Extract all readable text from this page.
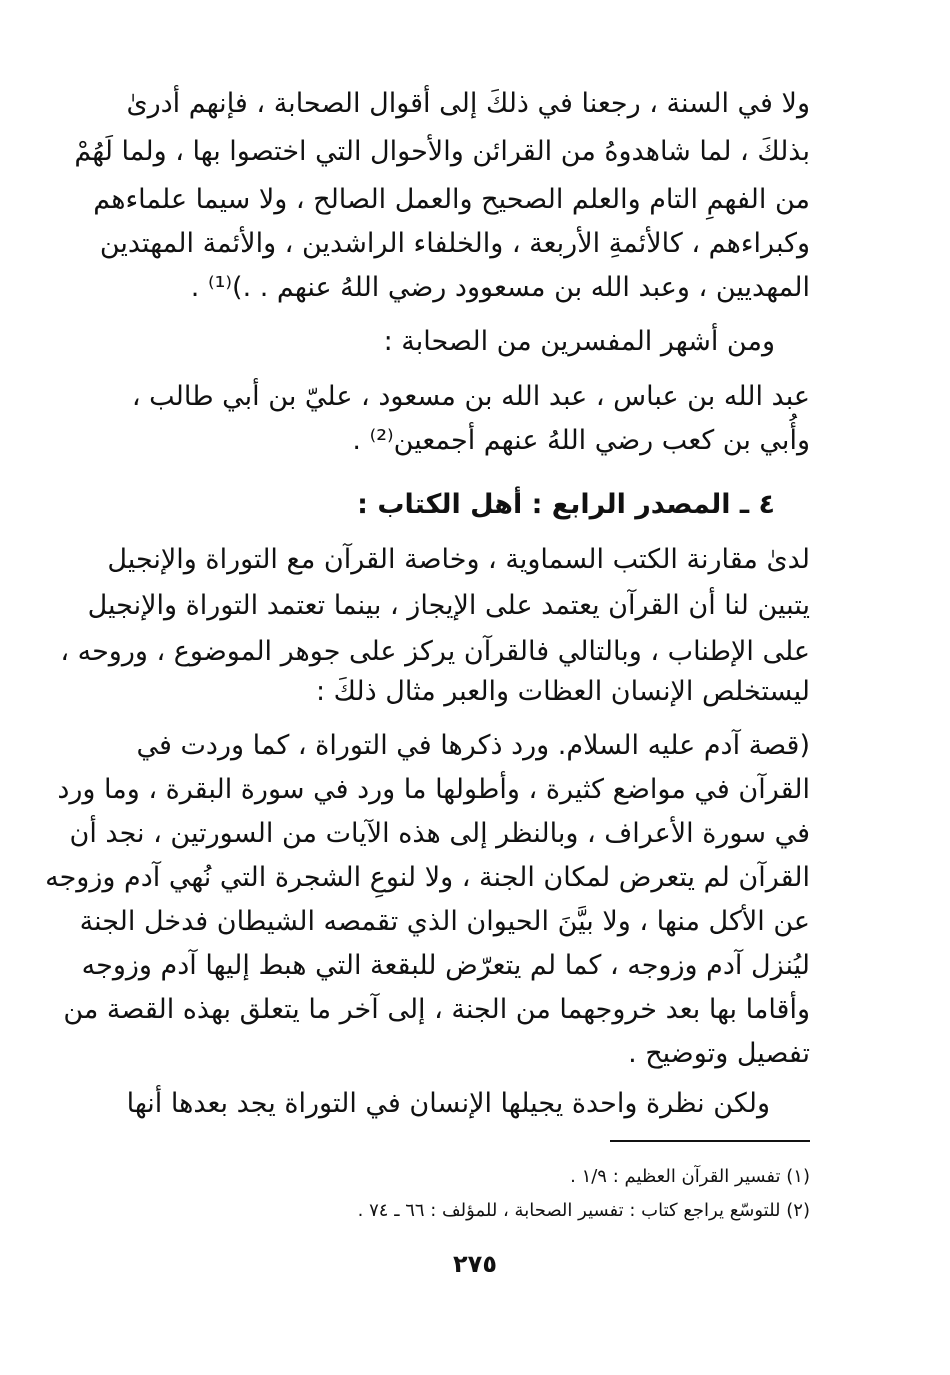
ولا في السنة ، رجعنا في ذلكَ إلى أقوال الصحابة ، فإنهم أدرىٰ
بذلكَ ، لما شاهدوهُ من القرائن والأحوال التي اختصوا بها ، ولما لَهُمْ
من الفهمِ التام والعلم الصحيح والعمل الصالح ، ولا سيما علماءهم
وكبراءهم ، كالأئمةِ الأربعة ، والخلفاء الراشدين ، والأئمة المهتدين
المهديين ، وعبد الله بن مسعوود رضي اللهُ عنهم . .)⁽¹⁾ .
ومن أشهر المفسرين من الصحابة :
عبد الله بن عباس ، عبد الله بن مسعود ، عليّ بن أبي طالب ،
وأُبي بن كعب رضي اللهُ عنهم أجمعين⁽²⁾ .
٤ ـ المصدر الرابع : أهل الكتاب :
لدىٰ مقارنة الكتب السماوية ، وخاصة القرآن مع التوراة والإنجيل
يتبين لنا أن القرآن يعتمد على الإيجاز ، بينما تعتمد التوراة والإنجيل
على الإطناب ، وبالتالي فالقرآن يركز على جوهر الموضوع ، وروحه ،
ليستخلص الإنسان العظات والعبر مثال ذلكَ :
(قصة آدم عليه السلام. ورد ذكرها في التوراة ، كما وردت في
القرآن في مواضع كثيرة ، وأطولها ما ورد في سورة البقرة ، وما ورد
في سورة الأعراف ، وبالنظر إلى هذه الآيات من السورتين ، نجد أن
القرآن لم يتعرض لمكان الجنة ، ولا لنوعِ الشجرة التي نُهي آدم وزوجه
عن الأكل منها ، ولا بيَّنَ الحيوان الذي تقمصه الشيطان فدخل الجنة
ليُنزل آدم وزوجه ، كما لم يتعرّض للبقعة التي هبط إليها آدم وزوجه
وأقاما بها بعد خروجهما من الجنة ، إلى آخر ما يتعلق بهذه القصة من
تفصيل وتوضيح .
ولكن نظرة واحدة يجيلها الإنسان في التوراة يجد بعدها أنها
(١) تفسير القرآن العظيم : ١/٩ .
(٢) للتوسّع يراجع كتاب : تفسير الصحابة ، للمؤلف : ٦٦ ـ ٧٤ .
٢٧٥
